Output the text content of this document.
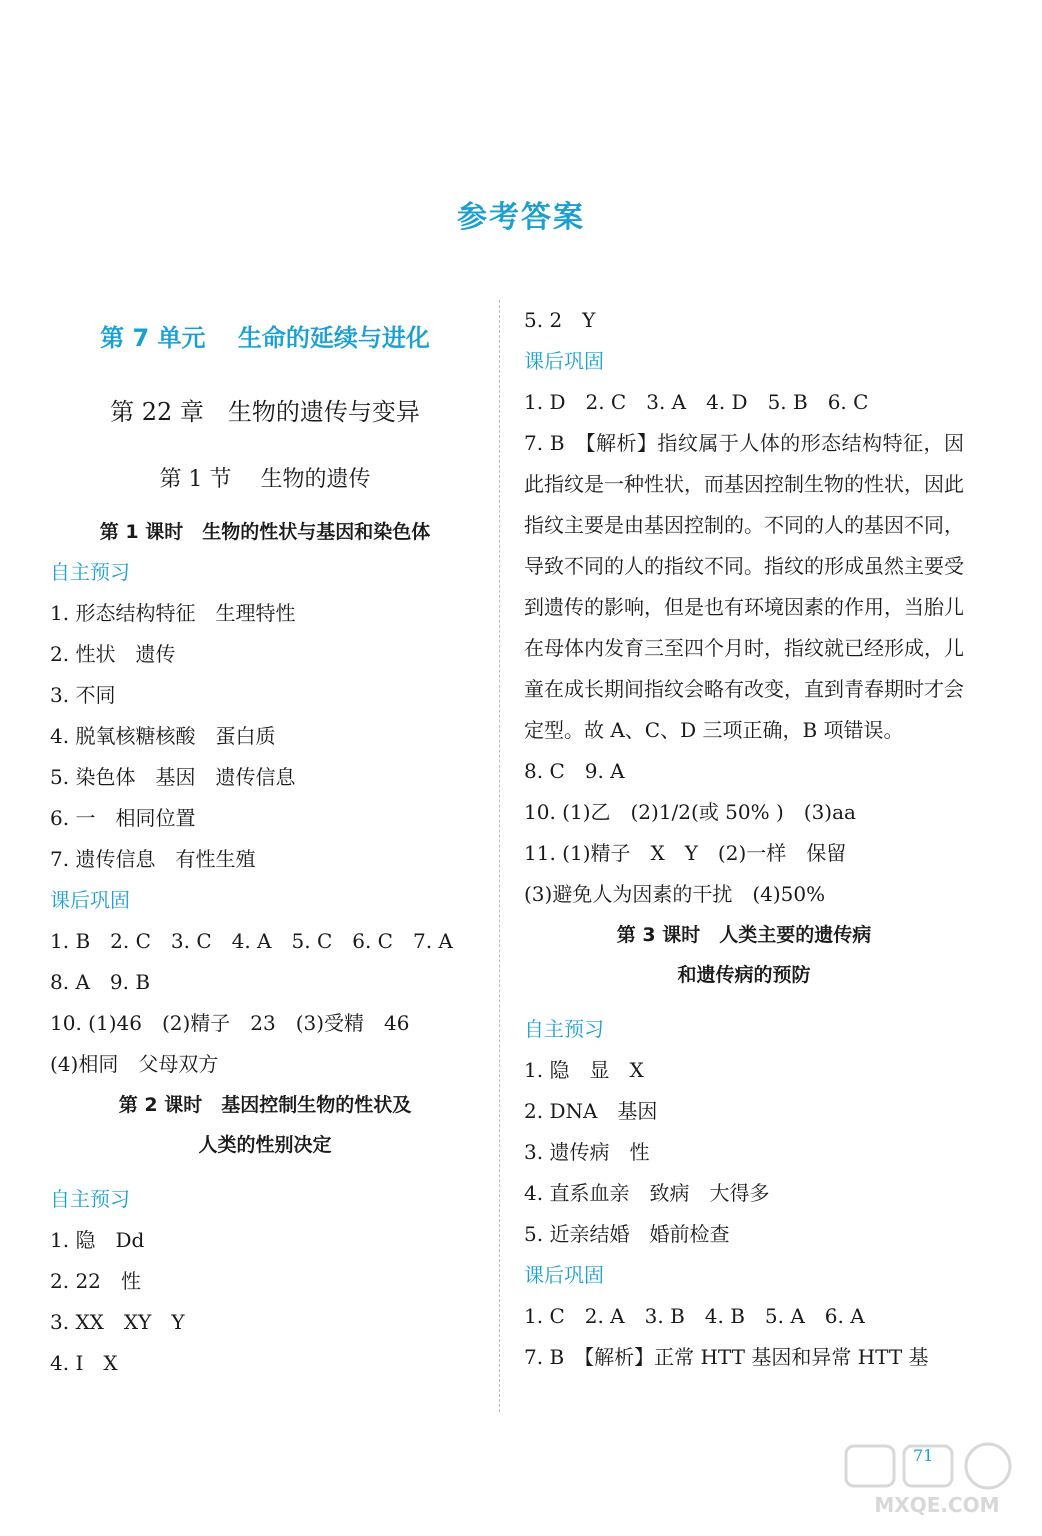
参考答案
第 7 单元　 生命的延续与进化
第 22 章　生物的遗传与变异
第 1 节　 生物的遗传
第 1 课时　生物的性状与基因和染色体
自主预习
1. 形态结构特征　生理特性
2. 性状　遗传
3. 不同
4. 脱氧核糖核酸　蛋白质
5. 染色体　基因　遗传信息
6. 一　相同位置
7. 遗传信息　有性生殖
课后巩固
1. B　2. C　3. C　4. A　5. C　6. C　7. A
8. A　9. B
10. (1)46　(2)精子　23　(3)受精　46
(4)相同　父母双方
第 2 课时　基因控制生物的性状及
人类的性别决定
自主预习
1. 隐　Dd
2. 22　性
3. XX　XY　Y
4. Ⅰ　X
5. 2　Y
课后巩固
1. D　2. C　3. A　4. D　5. B　6. C
7. B　【解析】指纹属于人体的形态结构特征，因此指纹是一种性状，而基因控制生物的性状，因此指纹主要是由基因控制的。不同的人的基因不同，导致不同的人的指纹不同。指纹的形成虽然主要受到遗传的影响，但是也有环境因素的作用，当胎儿在母体内发育三至四个月时，指纹就已经形成，儿童在成长期间指纹会略有改变，直到青春期时才会定型。故 A、C、D 三项正确，B 项错误。
8. C　9. A
10. (1)乙　(2)1/2(或 50% )　(3)aa
11. (1)精子　X　Y　(2)一样　保留
(3)避免人为因素的干扰　(4)50%
第 3 课时　人类主要的遗传病
和遗传病的预防
自主预习
1. 隐　显　X
2. DNA　基因
3. 遗传病　性
4. 直系血亲　致病　大得多
5. 近亲结婚　婚前检查
课后巩固
1. C　2. A　3. B　4. B　5. A　6. A
7. B　【解析】正常 HTT 基因和异常 HTT 基
71
MXQE.COM
